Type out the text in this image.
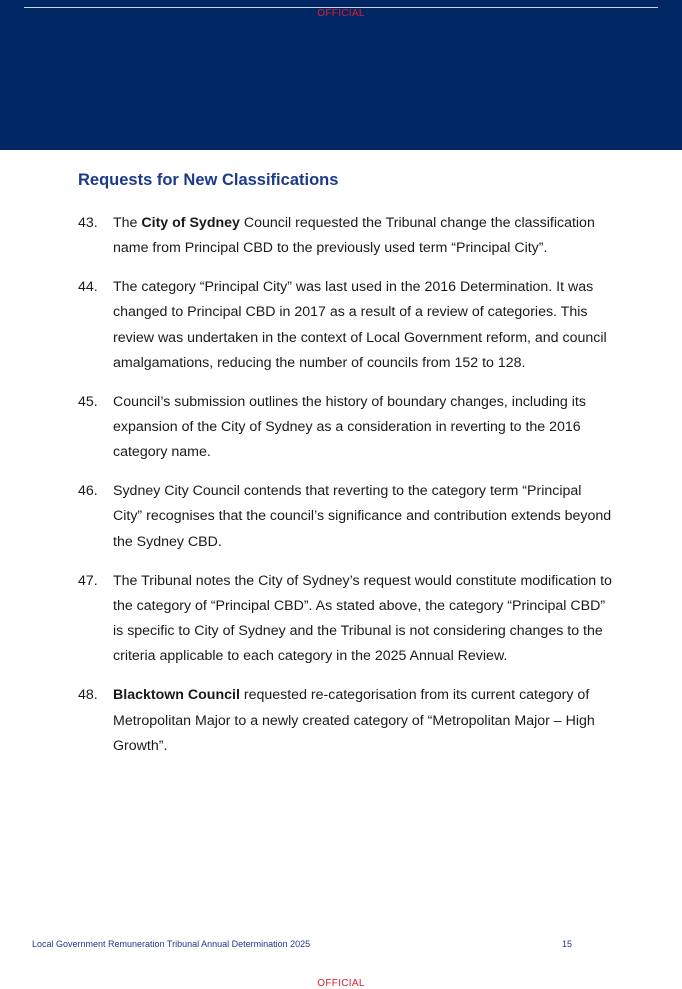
OFFICIAL
Requests for New Classifications
43. The City of Sydney Council requested the Tribunal change the classification name from Principal CBD to the previously used term “Principal City”.
44. The category “Principal City” was last used in the 2016 Determination. It was changed to Principal CBD in 2017 as a result of a review of categories. This review was undertaken in the context of Local Government reform, and council amalgamations, reducing the number of councils from 152 to 128.
45. Council’s submission outlines the history of boundary changes, including its expansion of the City of Sydney as a consideration in reverting to the 2016 category name.
46. Sydney City Council contends that reverting to the category term “Principal City” recognises that the council’s significance and contribution extends beyond the Sydney CBD.
47. The Tribunal notes the City of Sydney’s request would constitute modification to the category of “Principal CBD”. As stated above, the category “Principal CBD” is specific to City of Sydney and the Tribunal is not considering changes to the criteria applicable to each category in the 2025 Annual Review.
48. Blacktown Council requested re-categorisation from its current category of Metropolitan Major to a newly created category of “Metropolitan Major – High Growth”.
Local Government Remuneration Tribunal Annual Determination 2025	15
OFFICIAL
